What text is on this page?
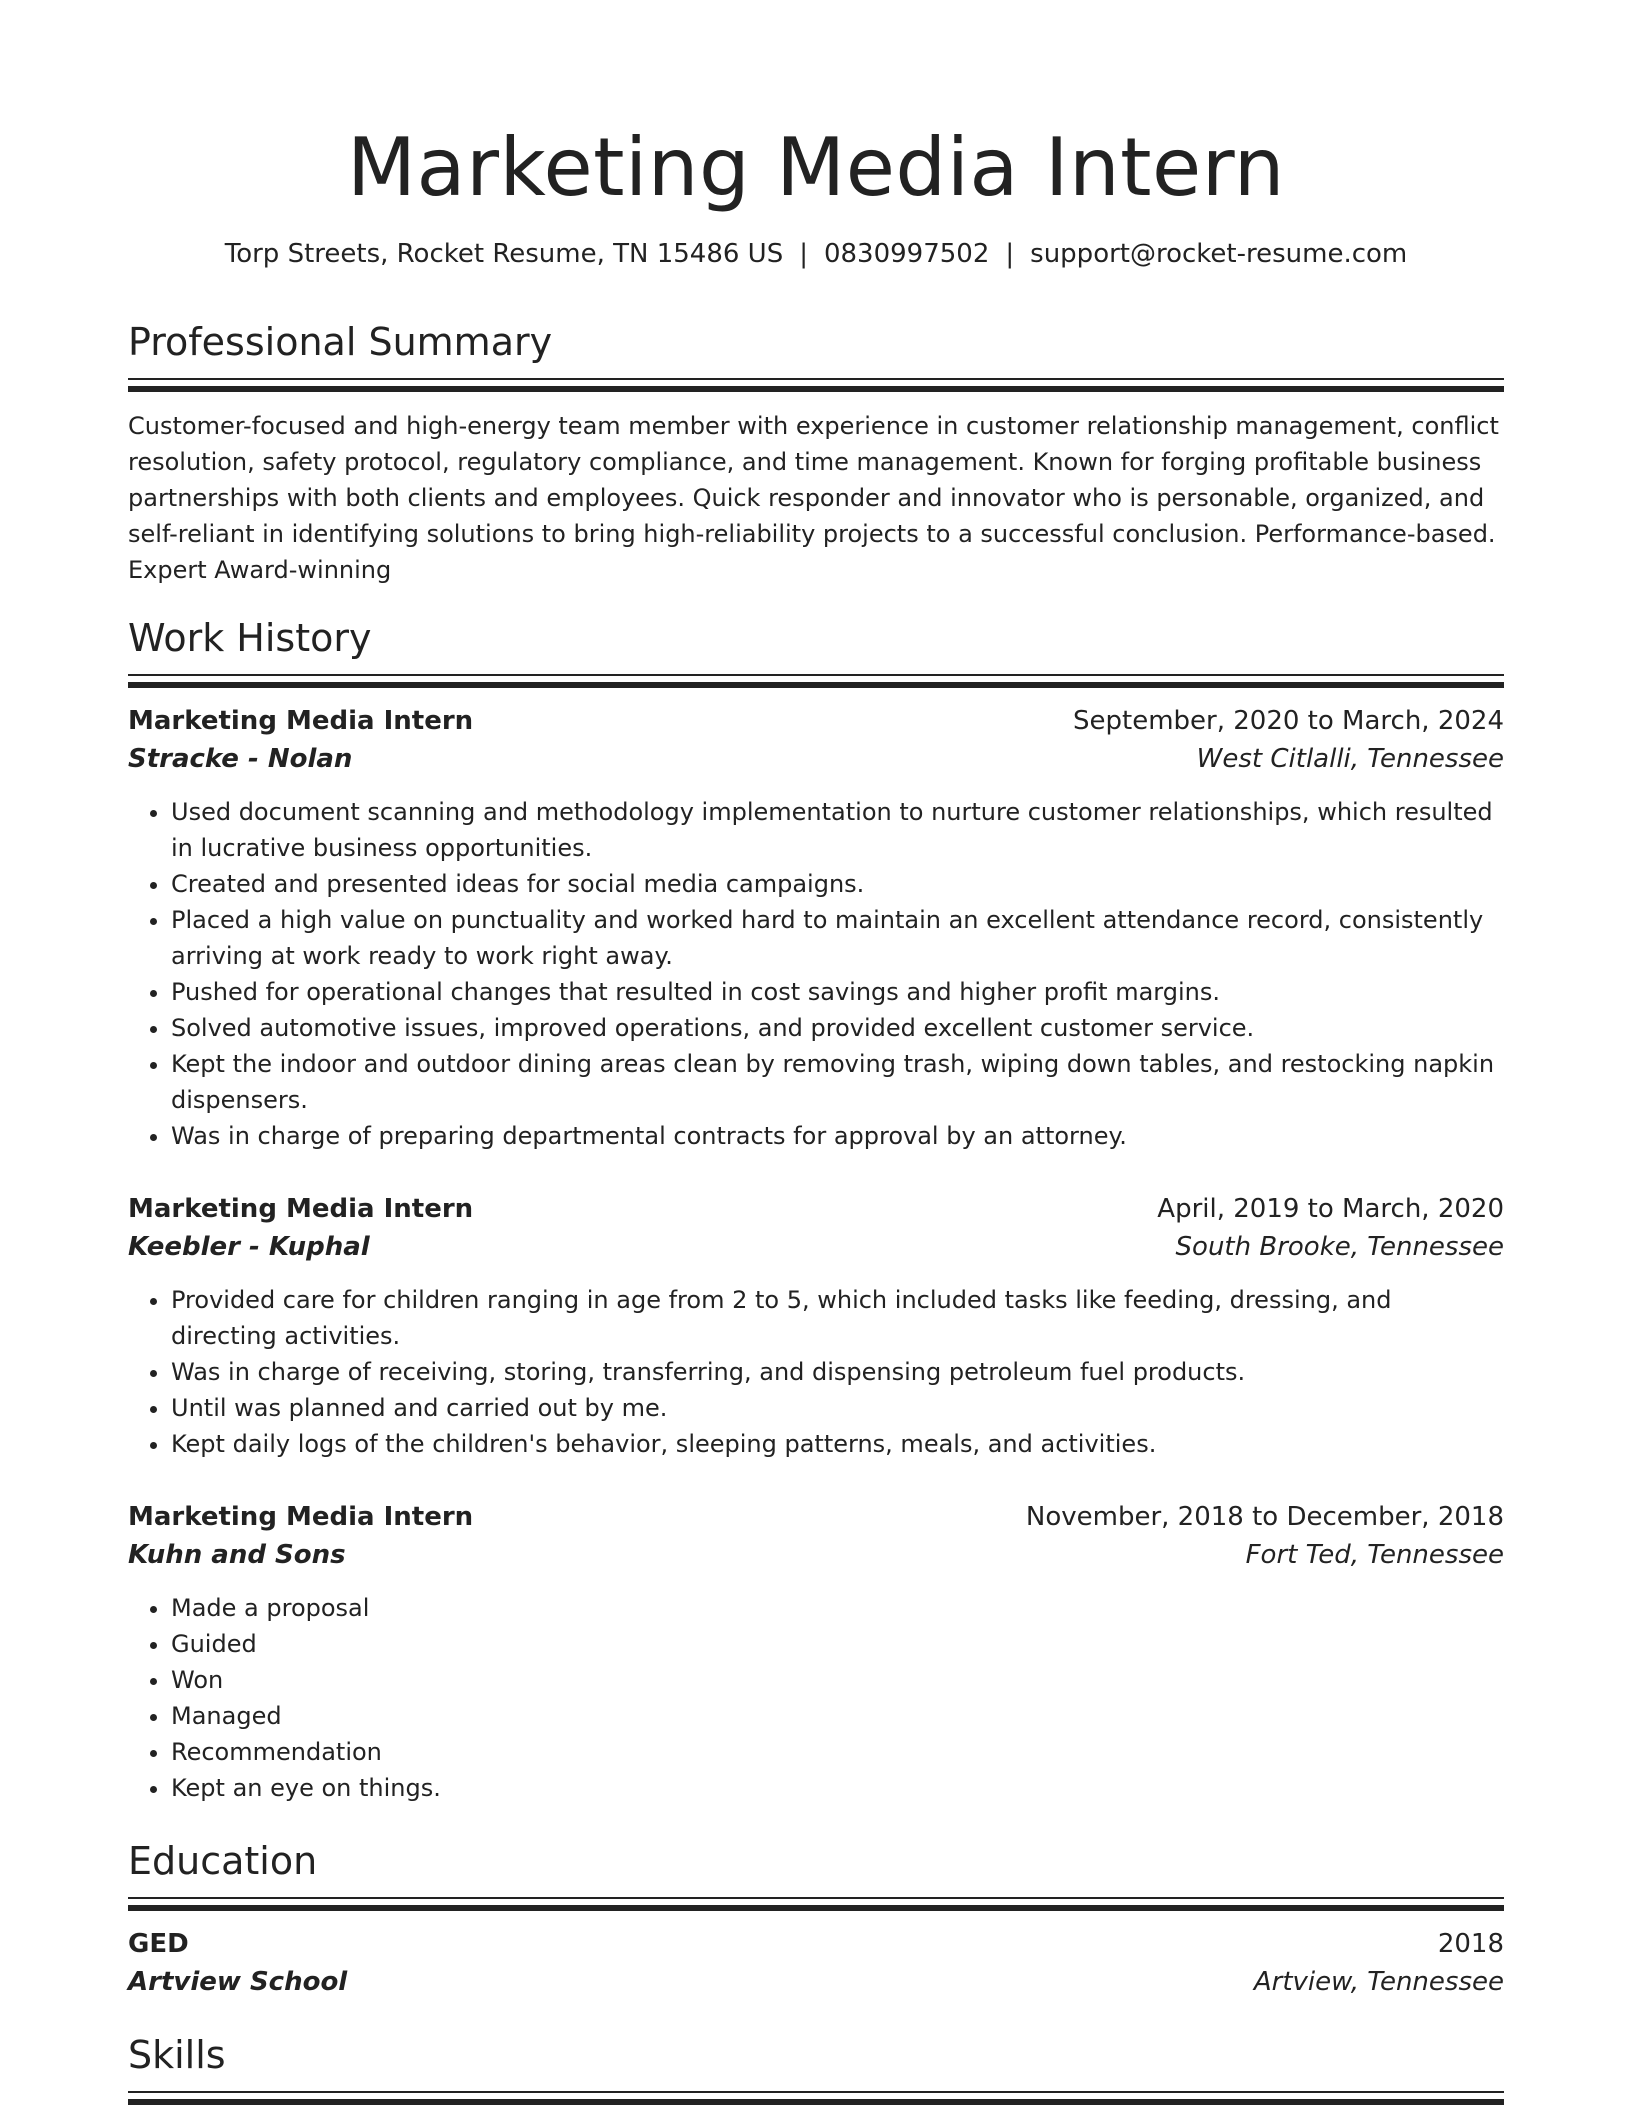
Marketing Media Intern
Torp Streets, Rocket Resume, TN 15486 US | 0830997502 | support@rocket-resume.com
Professional Summary

Customer-focused and high-energy team member with experience in customer relationship management, conflict resolution, safety protocol, regulatory compliance, and time management. Known for forging profitable business partnerships with both clients and employees. Quick responder and innovator who is personable, organized, and self-reliant in identifying solutions to bring high-reliability projects to a successful conclusion. Performance-based. Expert Award-winning

Work History
Marketing Media Intern	September, 2020 to March, 2024
Stracke - Nolan	West Citlalli, Tennessee
• Used document scanning and methodology implementation to nurture customer relationships, which resulted in lucrative business opportunities.
• Created and presented ideas for social media campaigns.
• Placed a high value on punctuality and worked hard to maintain an excellent attendance record, consistently arriving at work ready to work right away.
• Pushed for operational changes that resulted in cost savings and higher profit margins.
• Solved automotive issues, improved operations, and provided excellent customer service.
• Kept the indoor and outdoor dining areas clean by removing trash, wiping down tables, and restocking napkin dispensers.
• Was in charge of preparing departmental contracts for approval by an attorney.
Marketing Media Intern	April, 2019 to March, 2020
Keebler - Kuphal	South Brooke, Tennessee
• Provided care for children ranging in age from 2 to 5, which included tasks like feeding, dressing, and directing activities.
• Was in charge of receiving, storing, transferring, and dispensing petroleum fuel products.
• Until was planned and carried out by me.
• Kept daily logs of the children's behavior, sleeping patterns, meals, and activities.
Marketing Media Intern	November, 2018 to December, 2018
Kuhn and Sons	Fort Ted, Tennessee
• Made a proposal
• Guided
• Won
• Managed
• Recommendation
• Kept an eye on things.
Education
GED	2018
Artview School	Artview, Tennessee
Skills
